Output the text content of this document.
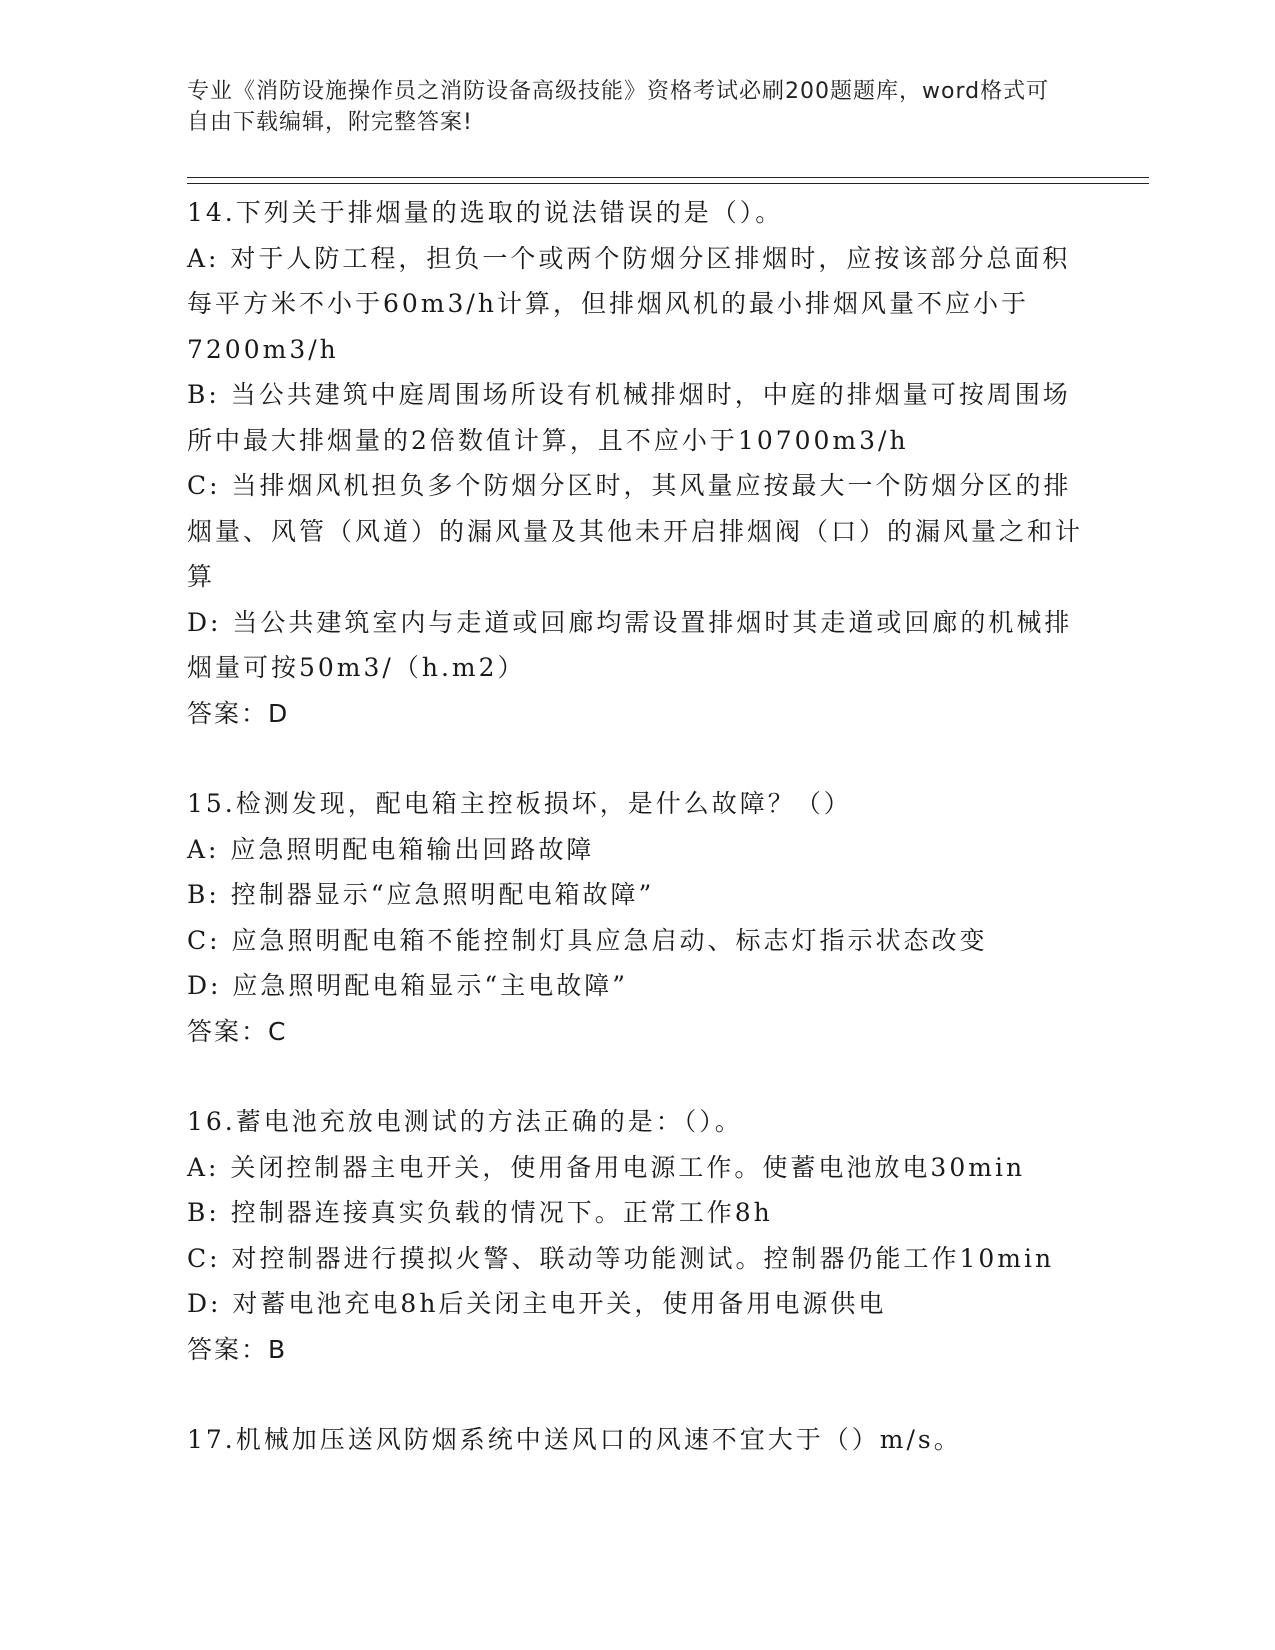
专业《消防设施操作员之消防设备高级技能》资格考试必刷200题题库，word格式可自由下载编辑，附完整答案!

14.下列关于排烟量的选取的说法错误的是（）。

A: 对于人防工程，担负一个或两个防烟分区排烟时，应按该部分总面积每平方米不小于60m3/h计算，但排烟风机的最小排烟风量不应小于7200m3/h

B: 当公共建筑中庭周围场所设有机械排烟时，中庭的排烟量可按周围场所中最大排烟量的2倍数值计算，且不应小于10700m3/h

C: 当排烟风机担负多个防烟分区时，其风量应按最大一个防烟分区的排烟量、风管（风道）的漏风量及其他未开启排烟阀（口）的漏风量之和计算

D: 当公共建筑室内与走道或回廊均需设置排烟时其走道或回廊的机械排烟量可按50m3/（h.m2）

答案：D

15.检测发现，配电箱主控板损坏，是什么故障？（）

A: 应急照明配电箱输出回路故障

B: 控制器显示“应急照明配电箱故障”

C: 应急照明配电箱不能控制灯具应急启动、标志灯指示状态改变

D: 应急照明配电箱显示“主电故障”

答案：C

16.蓄电池充放电测试的方法正确的是：（）。

A: 关闭控制器主电开关，使用备用电源工作。使蓄电池放电30min

B: 控制器连接真实负载的情况下。正常工作8h

C: 对控制器进行摸拟火警、联动等功能测试。控制器仍能工作10min

D: 对蓄电池充电8h后关闭主电开关，使用备用电源供电

答案：B

17.机械加压送风防烟系统中送风口的风速不宜大于（）m/s。
